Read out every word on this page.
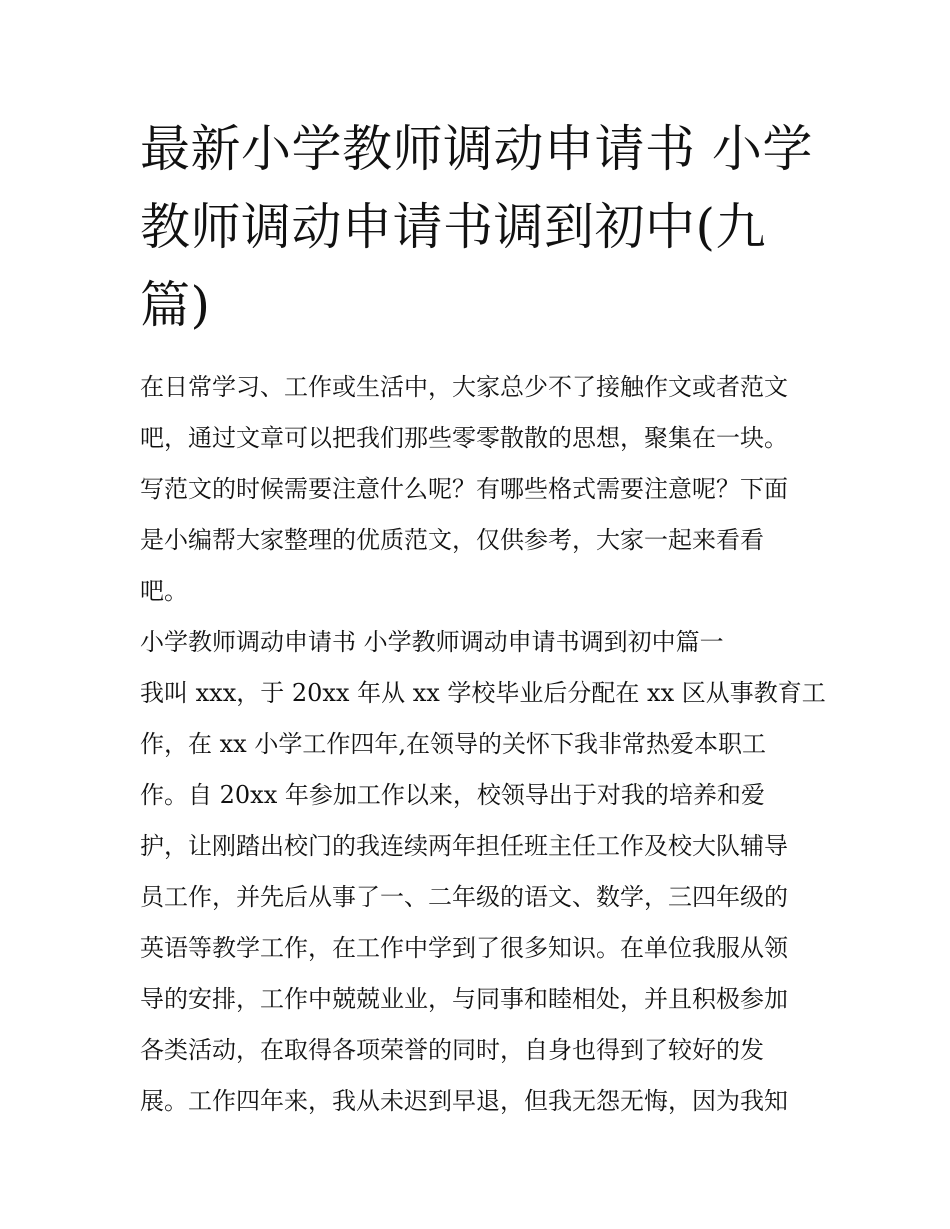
最新小学教师调动申请书 小学
教师调动申请书调到初中(九
篇)

在日常学习、工作或生活中，大家总少不了接触作文或者范文
吧，通过文章可以把我们那些零零散散的思想，聚集在一块。
写范文的时候需要注意什么呢？有哪些格式需要注意呢？下面
是小编帮大家整理的优质范文，仅供参考，大家一起来看看
吧。

小学教师调动申请书 小学教师调动申请书调到初中篇一

我叫 xxx，于 20xx 年从 xx 学校毕业后分配在 xx 区从事教育工
作，在 xx 小学工作四年,在领导的关怀下我非常热爱本职工
作。自 20xx 年参加工作以来，校领导出于对我的培养和爱
护，让刚踏出校门的我连续两年担任班主任工作及校大队辅导
员工作，并先后从事了一、二年级的语文、数学，三四年级的
英语等教学工作，在工作中学到了很多知识。在单位我服从领
导的安排，工作中兢兢业业，与同事和睦相处，并且积极参加
各类活动，在取得各项荣誉的同时，自身也得到了较好的发
展。工作四年来，我从未迟到早退，但我无怨无悔，因为我知
